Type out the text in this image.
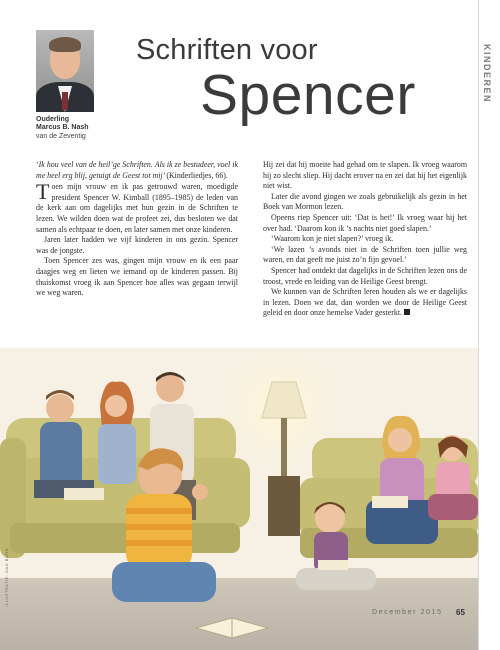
KINDEREN
Ouderling
Marcus B. Nash
van de Zeventig
Schriften voor
Spencer

‘Ik hou veel van de heil’ge Schriften. Als ik ze bestudeer, voel ik me heel erg blij, getuigt de Geest tot mij’ (Kinderliedjes, 66).

Toen mijn vrouw en ik pas getrouwd waren, moedigde president Spencer W. Kimball (1895–1985) de leden van de kerk aan om dagelijks met hun gezin in de Schriften te lezen. We wilden doen wat de profeet zei, dus besloten we dat samen als echtpaar te doen, en later samen met onze kinderen.

Jaren later hadden we vijf kinderen in ons gezin. Spencer was de jongste.

Toen Spencer zes was, gingen mijn vrouw en ik een paar daagjes weg en lieten we iemand op de kinderen passen. Bij thuiskomst vroeg ik aan Spencer hoe alles was gegaan terwijl we weg waren.

Hij zei dat hij moeite had gehad om te slapen. Ik vroeg waarom hij zo slecht sliep. Hij dacht erover na en zei dat hij het eigenlijk niet wist.

Later die avond gingen we zoals gebruikelijk als gezin in het Boek van Mormon lezen.

Opeens riep Spencer uit: ‘Dat is het!’ Ik vroeg waar hij het over had. ‘Daarom kon ik ’s nachts niet goed slapen.’

‘Waarom kon je niet slapen?’ vroeg ik.

‘We lazen ’s avonds niet in de Schriften toen jullie weg waren, en dat geeft me juist zo’n fijn gevoel.’

Spencer had ontdekt dat dagelijks in de Schriften lezen ons de troost, vrede en leiding van de Heilige Geest brengt.

We kunnen van de Schriften leren houden als we er dagelijks in lezen. Doen we dat, dan worden we door de Heilige Geest geleid en door onze hemelse Vader gesterkt.

ILLUSTRATIE: DAN BURR
December 2015 65
